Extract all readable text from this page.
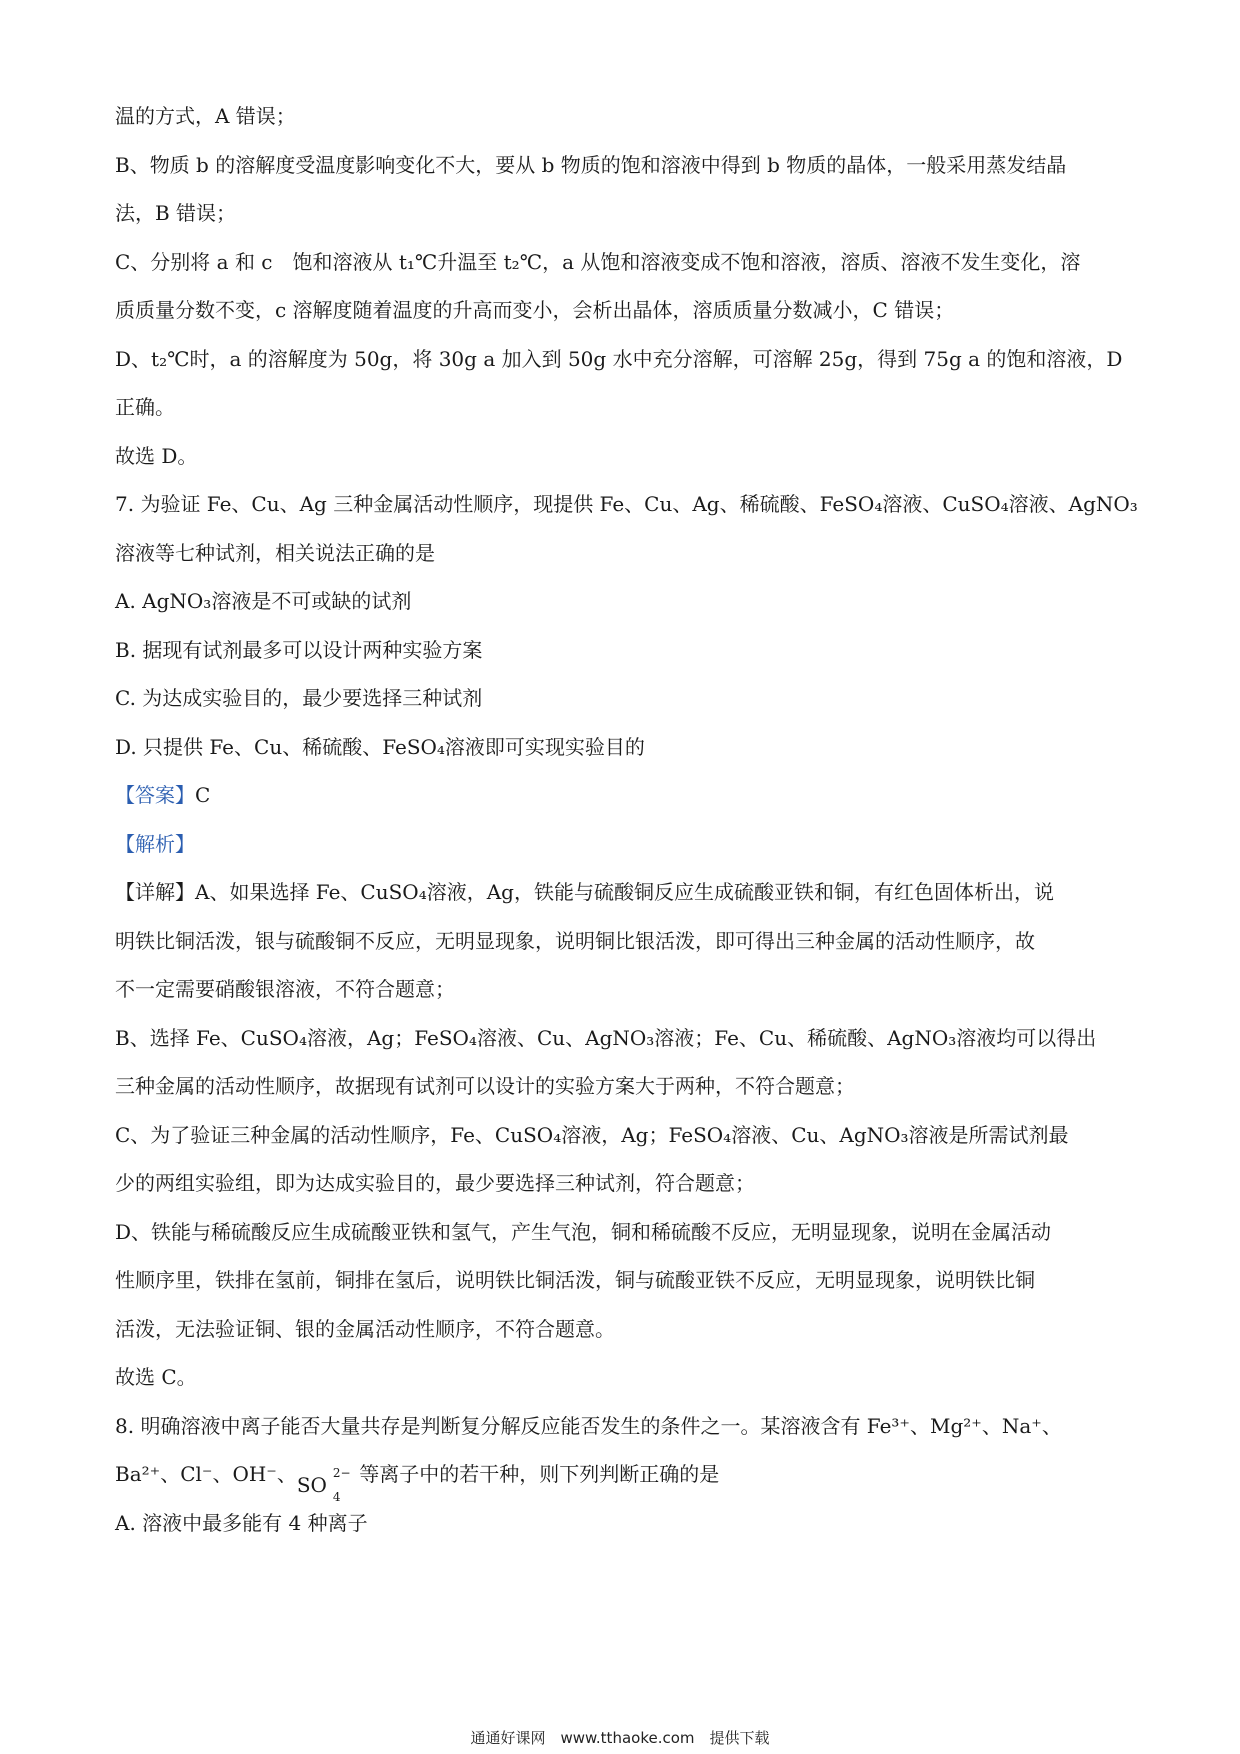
温的方式，A 错误；
B、物质 b 的溶解度受温度影响变化不大，要从 b 物质的饱和溶液中得到 b 物质的晶体，一般采用蒸发结晶
法，B 错误；
C、分别将 a 和 c　饱和溶液从 t₁℃升温至 t₂℃，a 从饱和溶液变成不饱和溶液，溶质、溶液不发生变化，溶
质质量分数不变，c 溶解度随着温度的升高而变小，会析出晶体，溶质质量分数减小，C 错误；
D、t₂℃时，a 的溶解度为 50g，将 30g a 加入到 50g 水中充分溶解，可溶解 25g，得到 75g a 的饱和溶液，D
正确。
故选 D。
7. 为验证 Fe、Cu、Ag 三种金属活动性顺序，现提供 Fe、Cu、Ag、稀硫酸、FeSO₄溶液、CuSO₄溶液、AgNO₃
溶液等七种试剂，相关说法正确的是
A. AgNO₃溶液是不可或缺的试剂
B. 据现有试剂最多可以设计两种实验方案
C. 为达成实验目的，最少要选择三种试剂
D. 只提供 Fe、Cu、稀硫酸、FeSO₄溶液即可实现实验目的
【答案】C
【解析】
【详解】A、如果选择 Fe、CuSO₄溶液，Ag，铁能与硫酸铜反应生成硫酸亚铁和铜，有红色固体析出，说
明铁比铜活泼，银与硫酸铜不反应，无明显现象，说明铜比银活泼，即可得出三种金属的活动性顺序，故
不一定需要硝酸银溶液，不符合题意；
B、选择 Fe、CuSO₄溶液，Ag；FeSO₄溶液、Cu、AgNO₃溶液；Fe、Cu、稀硫酸、AgNO₃溶液均可以得出
三种金属的活动性顺序，故据现有试剂可以设计的实验方案大于两种，不符合题意；
C、为了验证三种金属的活动性顺序，Fe、CuSO₄溶液，Ag；FeSO₄溶液、Cu、AgNO₃溶液是所需试剂最
少的两组实验组，即为达成实验目的，最少要选择三种试剂，符合题意；
D、铁能与稀硫酸反应生成硫酸亚铁和氢气，产生气泡，铜和稀硫酸不反应，无明显现象，说明在金属活动
性顺序里，铁排在氢前，铜排在氢后，说明铁比铜活泼，铜与硫酸亚铁不反应，无明显现象，说明铁比铜
活泼，无法验证铜、银的金属活动性顺序，不符合题意。
故选 C。
8. 明确溶液中离子能否大量共存是判断复分解反应能否发生的条件之一。某溶液含有 Fe³⁺、Mg²⁺、Na⁺、
Ba²⁺、Cl⁻、OH⁻、 SO 2−
4
等离子中的若干种，则下列判断正确的是
A. 溶液中最多能有 4 种离子
通通好课网　www.tthaoke.com　提供下载
